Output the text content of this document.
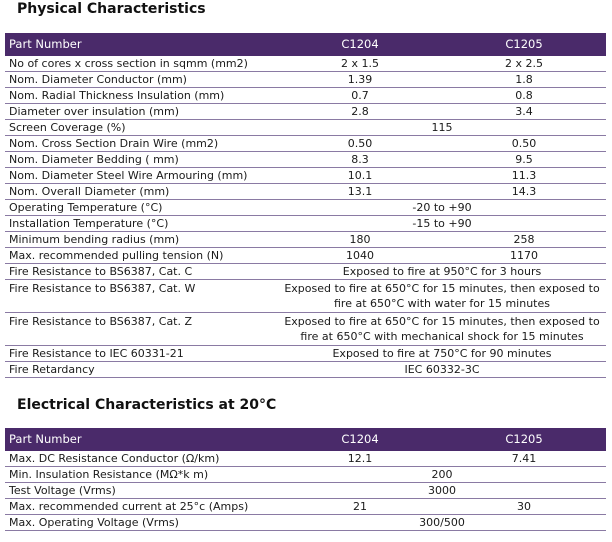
Physical Characteristics
Part Number	C1204	C1205
No of cores x cross section in sqmm (mm2)	2 x 1.5	2 x 2.5
Nom. Diameter Conductor (mm)	1.39	1.8
Nom. Radial Thickness Insulation (mm)	0.7	0.8
Diameter over insulation (mm)	2.8	3.4
Screen Coverage (%)	115	
Nom. Cross Section Drain Wire (mm2)	0.50	0.50
Nom. Diameter Bedding ( mm)	8.3	9.5
Nom. Diameter Steel Wire Armouring (mm)	10.1	11.3
Nom. Overall Diameter (mm)	13.1	14.3
Operating Temperature (°C)	-20 to +90	
Installation Temperature (°C)	-15 to +90	
Minimum bending radius (mm)	180	258
Max. recommended pulling tension (N)	1040	1170
Fire Resistance to BS6387, Cat. C	Exposed to fire at 950°C for 3 hours	
Fire Resistance to BS6387, Cat. W	Exposed to fire at 650°C for 15 minutes, then exposed to fire at 650°C with water for 15 minutes	
Fire Resistance to BS6387, Cat. Z	Exposed to fire at 650°C for 15 minutes, then exposed to fire at 650°C with mechanical shock for 15 minutes	
Fire Resistance to IEC 60331-21	Exposed to fire at 750°C for 90 minutes	
Fire Retardancy	IEC 60332-3C	
Electrical Characteristics at 20°C
Part Number	C1204	C1205
Max. DC Resistance Conductor (Ω/km)	12.1	7.41
Min. Insulation Resistance (MΩ*k m)	200	
Test Voltage (Vrms)	3000	
Max. recommended current at 25°c (Amps)	21	30
Max. Operating Voltage (Vrms)	300/500	
